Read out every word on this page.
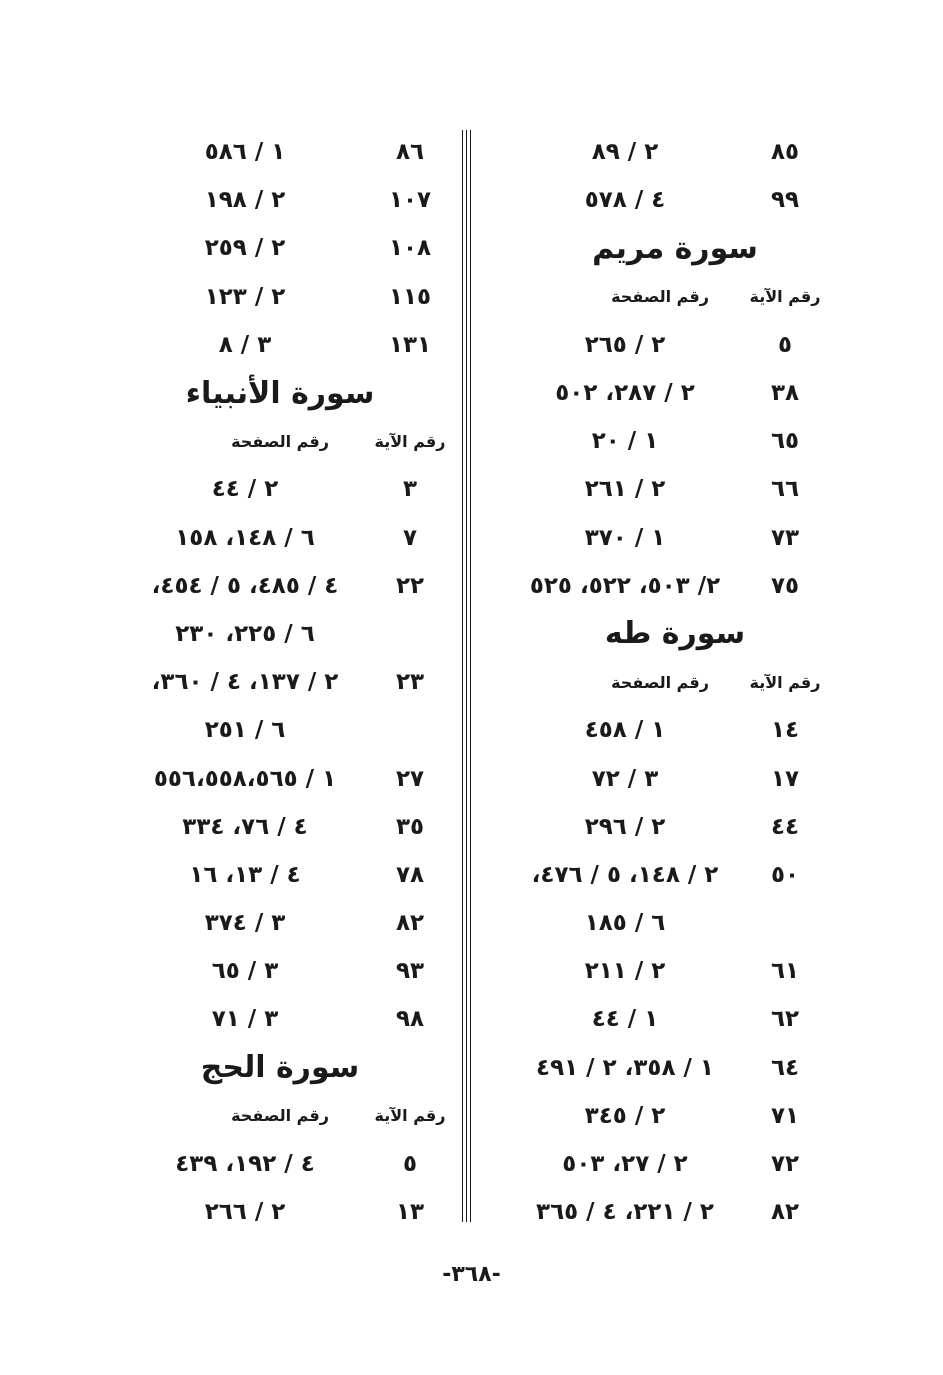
٨٥
٢ / ٨٩
٩٩
٤ / ٥٧٨
سورة مريم
رقم الآية
رقم الصفحة
٥
٢ / ٢٦٥
٣٨
٢ / ٢٨٧، ٥٠٢
٦٥
١ / ٢٠
٦٦
٢ / ٢٦١
٧٣
١ / ٣٧٠
٧٥
٢/ ٥٠٣، ٥٢٢، ٥٢٥
سورة طه
رقم الآية
رقم الصفحة
١٤
١ / ٤٥٨
١٧
٣ / ٧٢
٤٤
٢ / ٢٩٦
٥٠
٢ / ١٤٨، ٥ / ٤٧٦،
٦ / ١٨٥
٦١
٢ / ٢١١
٦٢
١ / ٤٤
٦٤
١ / ٣٥٨، ٢ / ٤٩١
٧١
٢ / ٣٤٥
٧٢
٢ / ٢٧، ٥٠٣
٨٢
٢ / ٢٢١، ٤ / ٣٦٥
٨٦
١ / ٥٨٦
١٠٧
٢ / ١٩٨
١٠٨
٢ / ٢٥٩
١١٥
٢ / ١٢٣
١٣١
٣ / ٨
سورة الأنبياء
رقم الآية
رقم الصفحة
٣
٢ / ٤٤
٧
٦ / ١٤٨، ١٥٨
٢٢
٤ / ٤٨٥، ٥ / ٤٥٤،
٦ / ٢٢٥، ٢٣٠
٢٣
٢ / ١٣٧، ٤ / ٣٦٠،
٦ / ٢٥١
٢٧
١ / ٥٥٦،٥٥٨،٥٦٥
٣٥
٤ / ٧٦، ٣٣٤
٧٨
٤ / ١٣، ١٦
٨٢
٣ / ٣٧٤
٩٣
٣ / ٦٥
٩٨
٣ / ٧١
سورة الحج
رقم الآية
رقم الصفحة
٥
٤ / ١٩٢، ٤٣٩
١٣
٢ / ٢٦٦
-٣٦٨-
